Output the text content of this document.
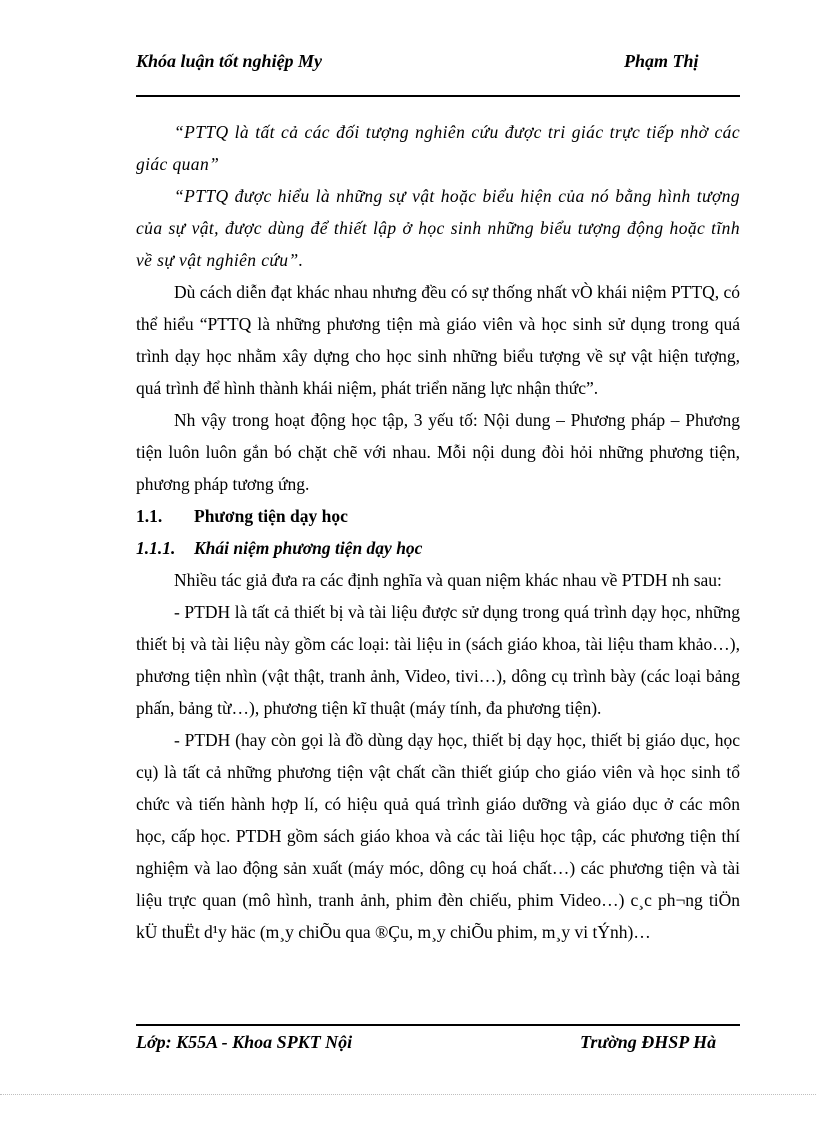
Khóa luận tốt nghiệp My	Phạm Thị

“PTTQ là tất cả các đối tượng nghiên cứu được tri giác trực tiếp nhờ các giác quan”

“PTTQ được hiểu là những sự vật hoặc biểu hiện của nó bằng hình tượng của sự vật, được dùng để thiết lập ở học sinh những biểu tượng động hoặc tĩnh về sự vật nghiên cứu”.

Dù cách diễn đạt khác nhau nhưng đều có sự thống nhất vÒ khái niệm PTTQ, có thể hiểu “PTTQ là những phương tiện mà giáo viên và học sinh sử dụng trong quá trình dạy học nhằm xây dựng cho học sinh những biểu tượng về sự vật hiện tượng, quá trình để hình thành khái niệm, phát triển năng lực nhận thức”.

Nh vậy trong hoạt động học tập, 3 yếu tố: Nội dung – Phương pháp – Phương tiện luôn luôn gắn bó chặt chẽ với nhau. Mỗi nội dung đòi hỏi những phương tiện, phương pháp tương ứng.

1.1. Phương tiện dạy học
1.1.1. Khái niệm phương tiện dạy học

Nhiều tác giả đưa ra các định nghĩa và quan niệm khác nhau về PTDH nh sau:

- PTDH là tất cả thiết bị và tài liệu được sử dụng trong quá trình dạy học, những thiết bị và tài liệu này gồm các loại: tài liệu in (sách giáo khoa, tài liệu tham khảo…), phương tiện nhìn (vật thật, tranh ảnh, Video, tivi…), dông cụ trình bày (các loại bảng phấn, bảng từ…), phương tiện kĩ thuật (máy tính, đa phương tiện).

- PTDH (hay còn gọi là đồ dùng dạy học, thiết bị dạy học, thiết bị giáo dục, học cụ) là tất cả những phương tiện vật chất cần thiết giúp cho giáo viên và học sinh tổ chức và tiến hành hợp lí, có hiệu quả quá trình giáo dưỡng và giáo dục ở các môn học, cấp học. PTDH gồm sách giáo khoa và các tài liệu học tập, các phương tiện thí nghiệm và lao động sản xuất (máy móc, dông cụ hoá chất…) các phương tiện và tài liệu trực quan (mô hình, tranh ảnh, phim đèn chiếu, phim Video…) c¸c ph¬ng tiÖn kÜ thuËt d¹y häc (m¸y chiÕu qua ®Çu, m¸y chiÕu phim, m¸y vi tÝnh)…

Lớp: K55A - Khoa SPKT Nội	Trường ĐHSP Hà
